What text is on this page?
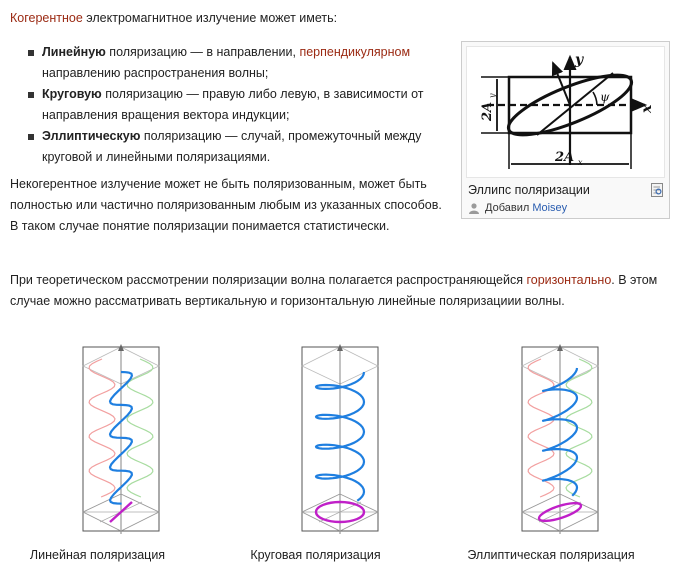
Когерентное электромагнитное излучение может иметь:

Линейную поляризацию — в направлении, перпендикулярном направлению распространения волны;
Круговую поляризацию — правую либо левую, в зависимости от направления вращения вектора индукции;
Эллиптическую поляризацию — случай, промежуточный между круговой и линейными поляризациями.

Некогерентное излучение может не быть поляризованным, может быть полностью или частично поляризованным любым из указанных способов. В таком случае понятие поляризации понимается статистически.

При теоретическом рассмотрении поляризации волна полагается распространяющейся горизонтально. В этом случае можно рассматривать вертикальную и горизонтальную линейные поляризациии волны.

y
x
ψ
2A
y
2A x
Эллипс поляризации
Добавил
Moisey
Линейная поляризация	Круговая поляризация	Эллиптическая поляризация
